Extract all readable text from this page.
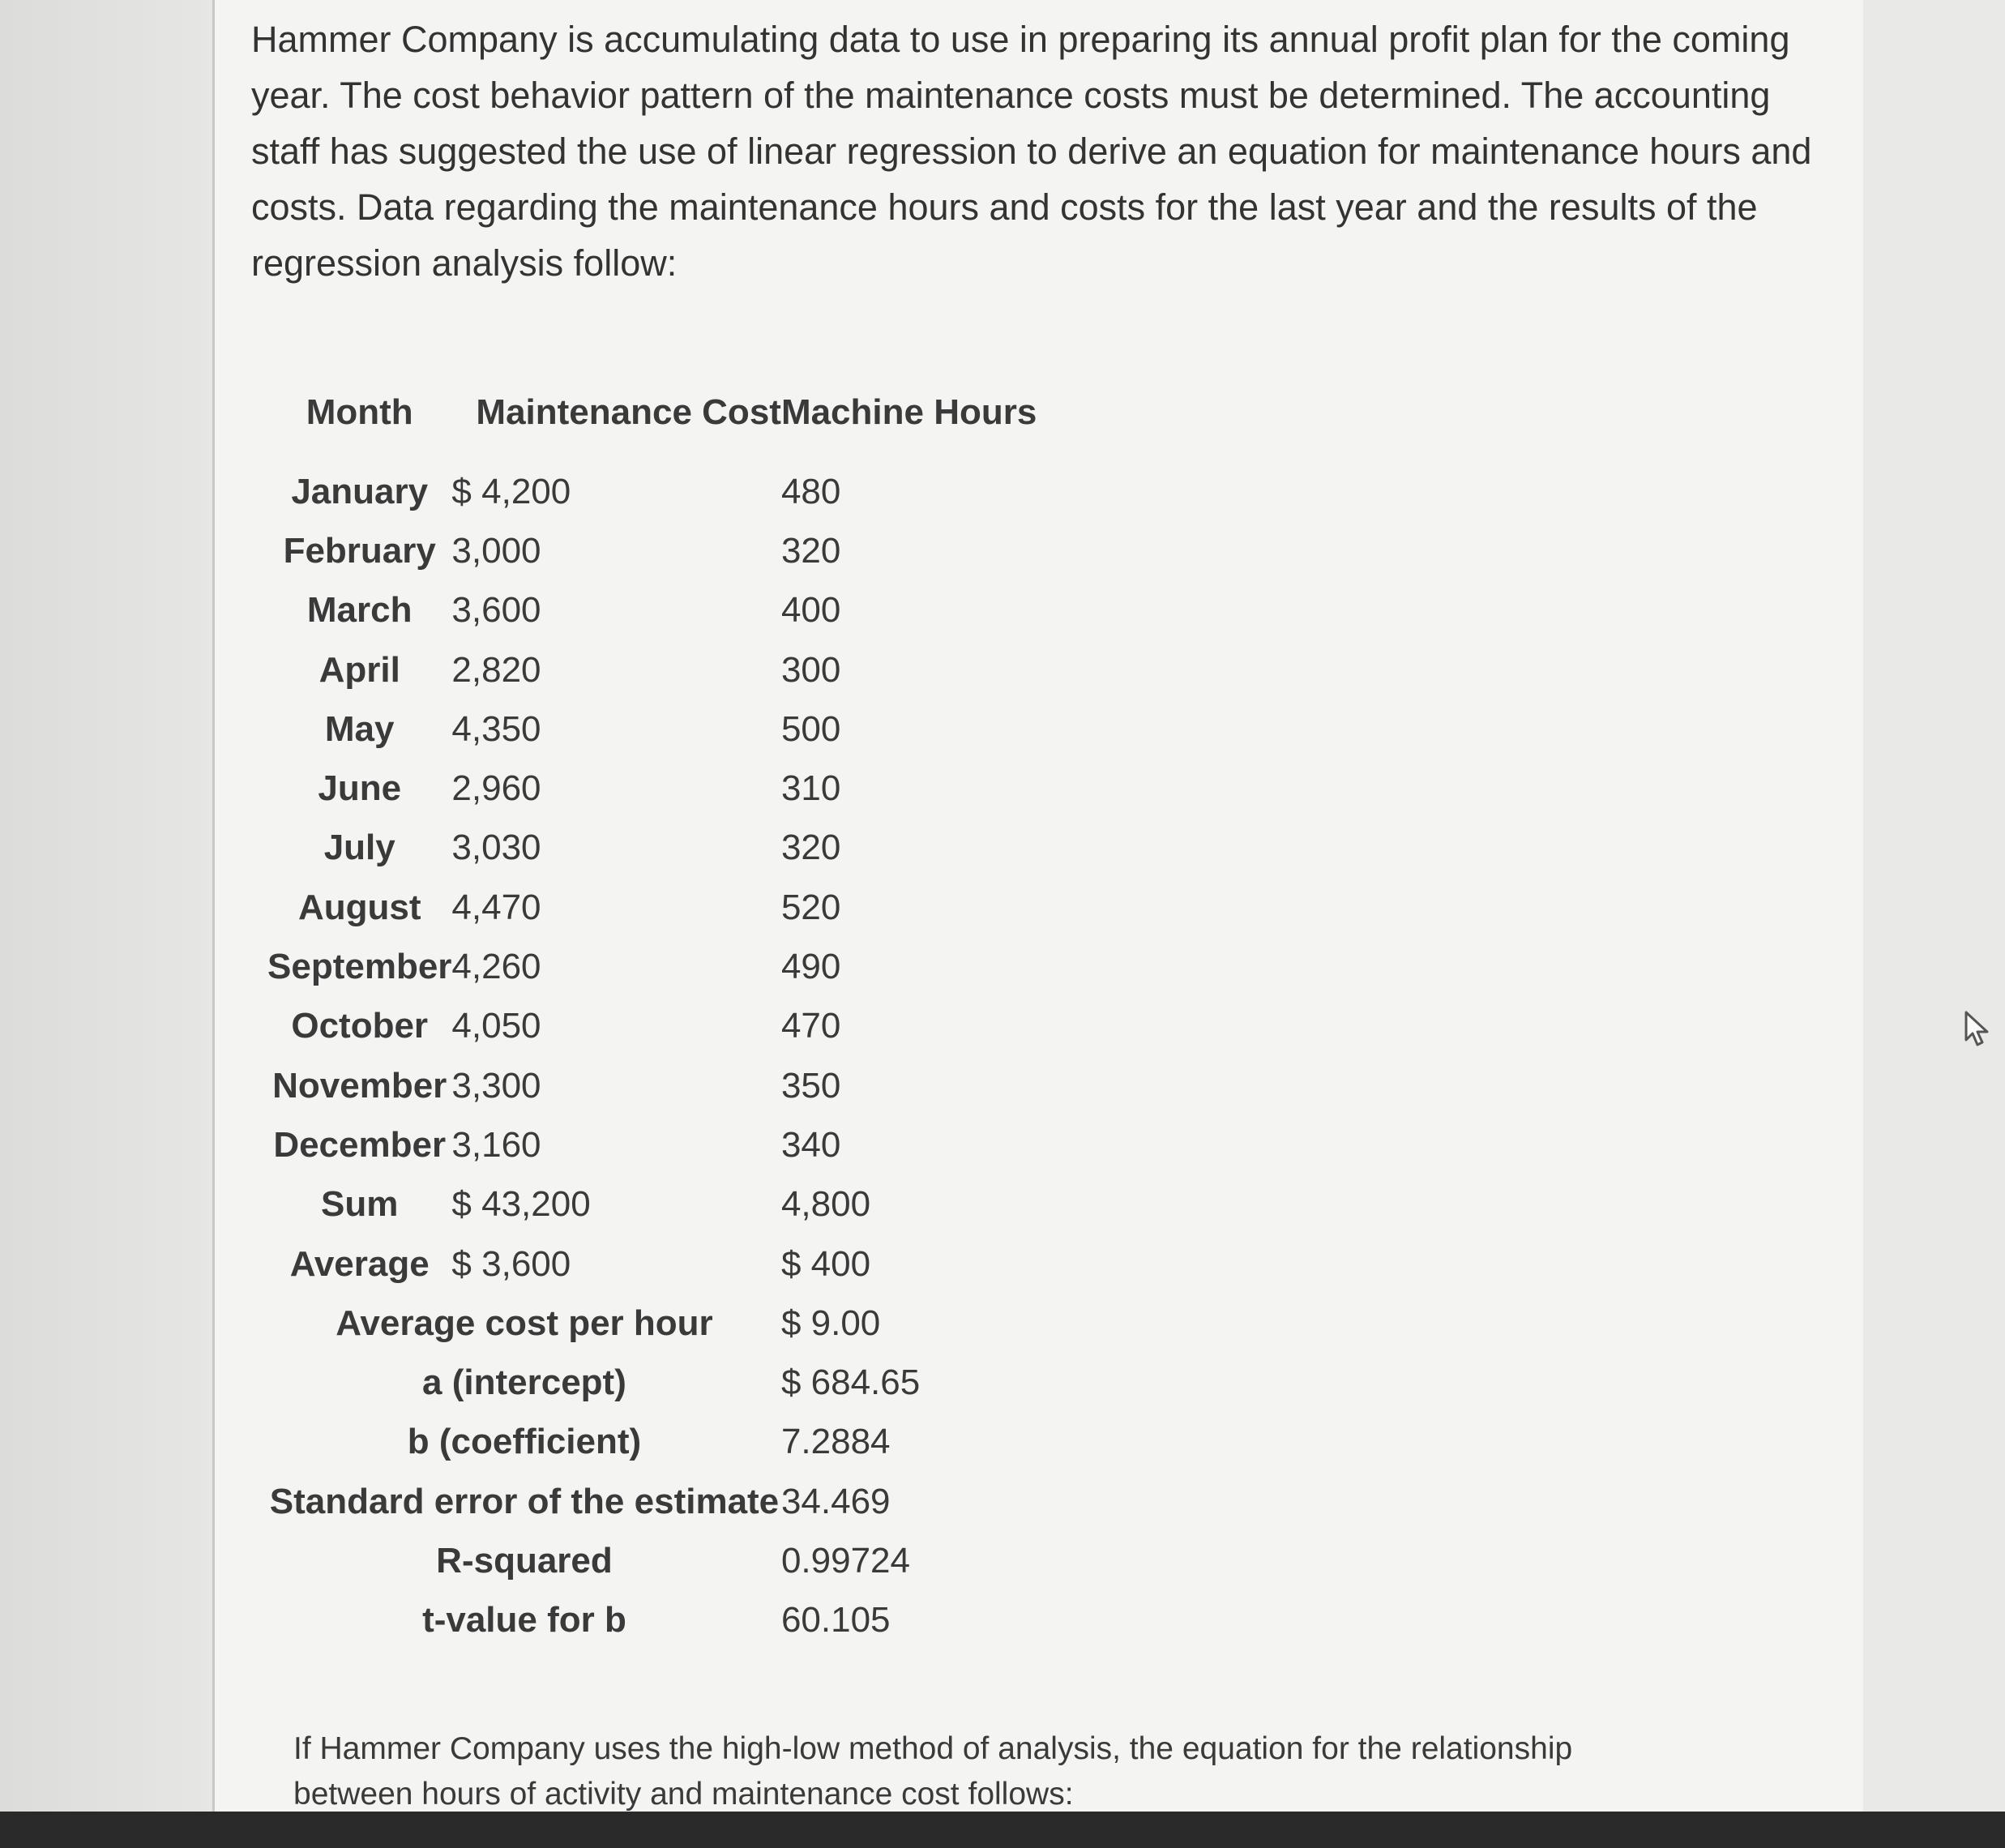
Hammer Company is accumulating data to use in preparing its annual profit plan for the coming year. The cost behavior pattern of the maintenance costs must be determined. The accounting staff has suggested the use of linear regression to derive an equation for maintenance hours and costs. Data regarding the maintenance hours and costs for the last year and the results of the regression analysis follow:

Month	Maintenance Cost	Machine Hours
January	$ 4,200	480
February	3,000	320
March	3,600	400
April	2,820	300
May	4,350	500
June	2,960	310
July	3,030	320
August	4,470	520
September	4,260	490
October	4,050	470
November	3,300	350
December	3,160	340
Sum	$ 43,200	4,800
Average	$ 3,600	$ 400
Average cost per hour		$ 9.00
a (intercept)		$ 684.65
b (coefficient)		7.2884
Standard error of the estimate		34.469
R-squared		0.99724
t-value for b		60.105

If Hammer Company uses the high-low method of analysis, the equation for the relationship between hours of activity and maintenance cost follows:
